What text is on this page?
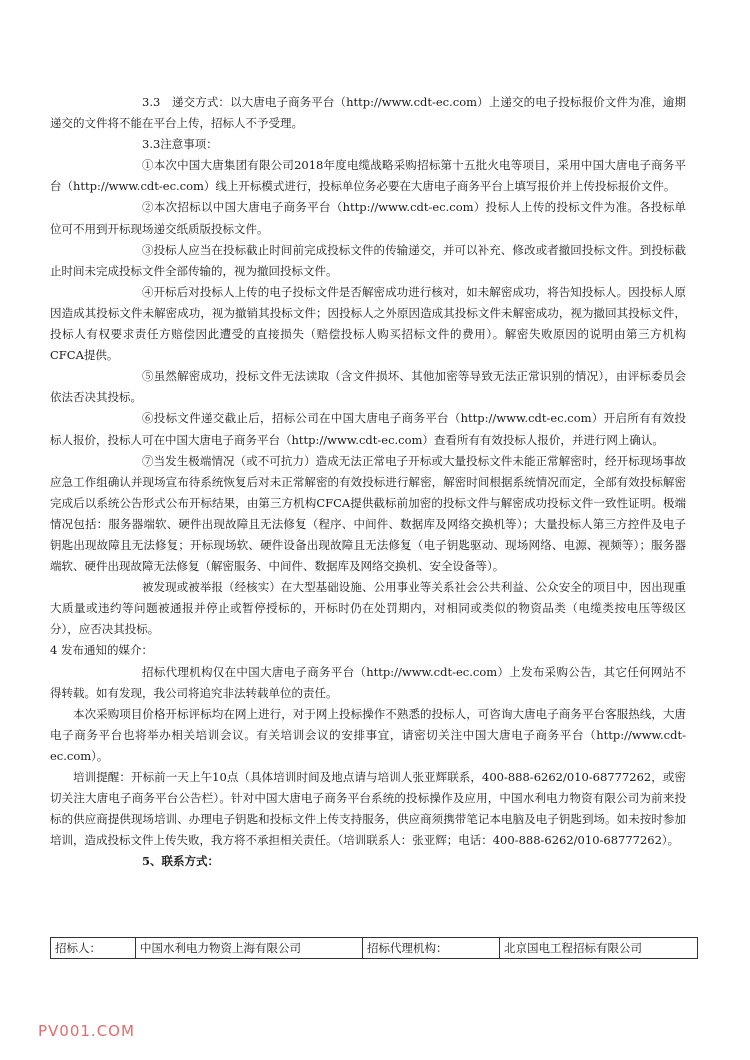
3.3　递交方式：以大唐电子商务平台（http://www.cdt-ec.com）上递交的电子投标报价文件为准，逾期递交的文件将不能在平台上传，招标人不予受理。

3.3注意事项：

①本次中国大唐集团有限公司2018年度电缆战略采购招标第十五批火电等项目，采用中国大唐电子商务平台（http://www.cdt-ec.com）线上开标模式进行，投标单位务必要在大唐电子商务平台上填写报价并上传投标报价文件。

②本次招标以中国大唐电子商务平台（http://www.cdt-ec.com）投标人上传的投标文件为准。各投标单位可不用到开标现场递交纸质版投标文件。

③投标人应当在投标截止时间前完成投标文件的传输递交，并可以补充、修改或者撤回投标文件。到投标截止时间未完成投标文件全部传输的，视为撤回投标文件。

④开标后对投标人上传的电子投标文件是否解密成功进行核对，如未解密成功，将告知投标人。因投标人原因造成其投标文件未解密成功，视为撤销其投标文件；因投标人之外原因造成其投标文件未解密成功，视为撤回其投标文件，投标人有权要求责任方赔偿因此遭受的直接损失（赔偿投标人购买招标文件的费用）。解密失败原因的说明由第三方机构CFCA提供。

⑤虽然解密成功，投标文件无法读取（含文件损坏、其他加密等导致无法正常识别的情况），由评标委员会依法否决其投标。

⑥投标文件递交截止后，招标公司在中国大唐电子商务平台（http://www.cdt-ec.com）开启所有有效投标人报价，投标人可在中国大唐电子商务平台（http://www.cdt-ec.com）查看所有有效投标人报价，并进行网上确认。

⑦当发生极端情况（或不可抗力）造成无法正常电子开标或大量投标文件未能正常解密时，经开标现场事故应急工作组确认并现场宣布待系统恢复后对未正常解密的有效投标进行解密，解密时间根据系统情况而定，全部有效投标解密完成后以系统公告形式公布开标结果，由第三方机构CFCA提供截标前加密的投标文件与解密成功投标文件一致性证明。极端情况包括：服务器端软、硬件出现故障且无法修复（程序、中间件、数据库及网络交换机等）；大量投标人第三方控件及电子钥匙出现故障且无法修复；开标现场软、硬件设备出现故障且无法修复（电子钥匙驱动、现场网络、电源、视频等）；服务器端软、硬件出现故障无法修复（解密服务、中间件、数据库及网络交换机、安全设备等）。

被发现或被举报（经核实）在大型基础设施、公用事业等关系社会公共利益、公众安全的项目中，因出现重大质量或违约等问题被通报并停止或暂停授标的，开标时仍在处罚期内，对相同或类似的物资品类（电缆类按电压等级区分），应否决其投标。

4 发布通知的媒介：

招标代理机构仅在中国大唐电子商务平台（http://www.cdt-ec.com）上发布采购公告，其它任何网站不得转载。如有发现，我公司将追究非法转载单位的责任。

本次采购项目价格开标评标均在网上进行，对于网上投标操作不熟悉的投标人，可咨询大唐电子商务平台客服热线，大唐电子商务平台也将举办相关培训会议。有关培训会议的安排事宜，请密切关注中国大唐电子商务平台（http://www.cdt-ec.com）。

培训提醒：开标前一天上午10点（具体培训时间及地点请与培训人张亚辉联系，400-888-6262/010-68777262，或密切关注大唐电子商务平台公告栏）。针对中国大唐电子商务平台系统的投标操作及应用，中国水利电力物资有限公司为前来投标的供应商提供现场培训、办理电子钥匙和投标文件上传支持服务，供应商须携带笔记本电脑及电子钥匙到场。如未按时参加培训，造成投标文件上传失败，我方将不承担相关责任。（培训联系人：张亚辉；电话：400-888-6262/010-68777262）。

5、联系方式：

招标人：	中国水利电力物资上海有限公司	招标代理机构：	北京国电工程招标有限公司
PV001.COM
